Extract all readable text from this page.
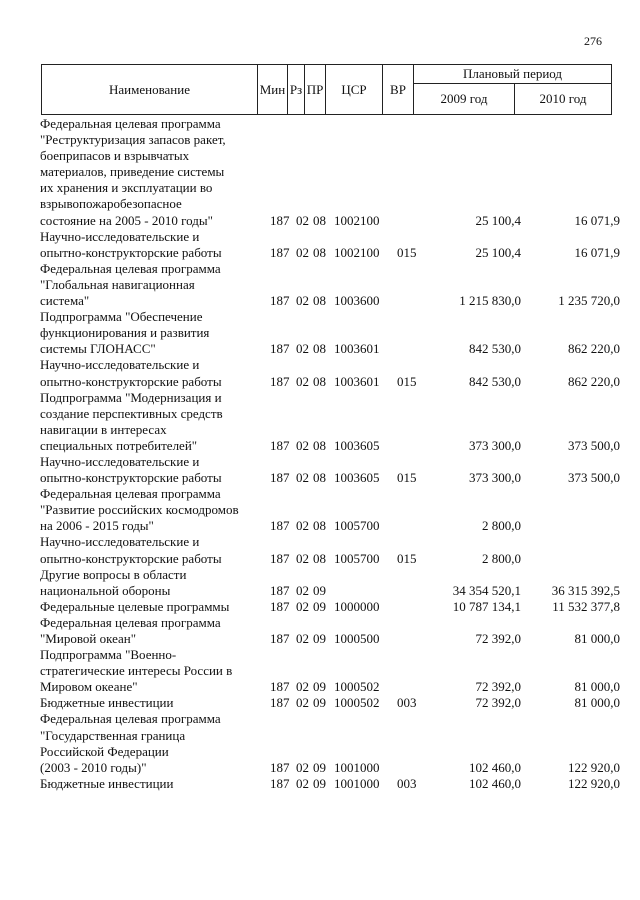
276
Наименование	Мин	Рз	ПР	ЦСР	ВР	Плановый период	
						2009 год	2010 год
Федеральная целевая программа
"Реструктуризация запасов ракет,
боеприпасов и взрывчатых
материалов, приведение системы
их хранения и эксплуатации во
взрывопожаробезопасное
состояние на 2005 - 2010 годы"	187 02 08 1002100	25 100,4	16 071,9
Научно-исследовательские и
опытно-конструкторские работы	187 02 08 1002100	015	25 100,4	16 071,9
Федеральная целевая программа
"Глобальная навигационная
система"	187 02 08 1003600	1 215 830,0	1 235 720,0
Подпрограмма "Обеспечение
функционирования и развития
системы ГЛОНАСС"	187 02 08 1003601	842 530,0	862 220,0
Научно-исследовательские и
опытно-конструкторские работы	187 02 08 1003601	015	842 530,0	862 220,0
Подпрограмма "Модернизация и
создание перспективных средств
навигации в интересах
специальных потребителей"	187 02 08 1003605	373 300,0	373 500,0
Научно-исследовательские и
опытно-конструкторские работы	187 02 08 1003605	015	373 300,0	373 500,0
Федеральная целевая программа
"Развитие российских космодромов
на 2006 - 2015 годы"	187 02 08 1005700	2 800,0
Научно-исследовательские и
опытно-конструкторские работы	187 02 08 1005700	015	2 800,0
Другие вопросы в области
национальной обороны	187 02 09	34 354 520,1	36 315 392,5
Федеральные целевые программы	187 02 09 1000000	10 787 134,1	11 532 377,8
Федеральная целевая программа
"Мировой океан"	187 02 09 1000500	72 392,0	81 000,0
Подпрограмма "Военно-
стратегические интересы России в
Мировом океане"	187 02 09 1000502	72 392,0	81 000,0
Бюджетные инвестиции	187 02 09 1000502	003	72 392,0	81 000,0
Федеральная целевая программа
"Государственная граница
Российской Федерации
(2003 - 2010 годы)"	187 02 09 1001000	102 460,0	122 920,0
Бюджетные инвестиции	187 02 09 1001000	003	102 460,0	122 920,0
